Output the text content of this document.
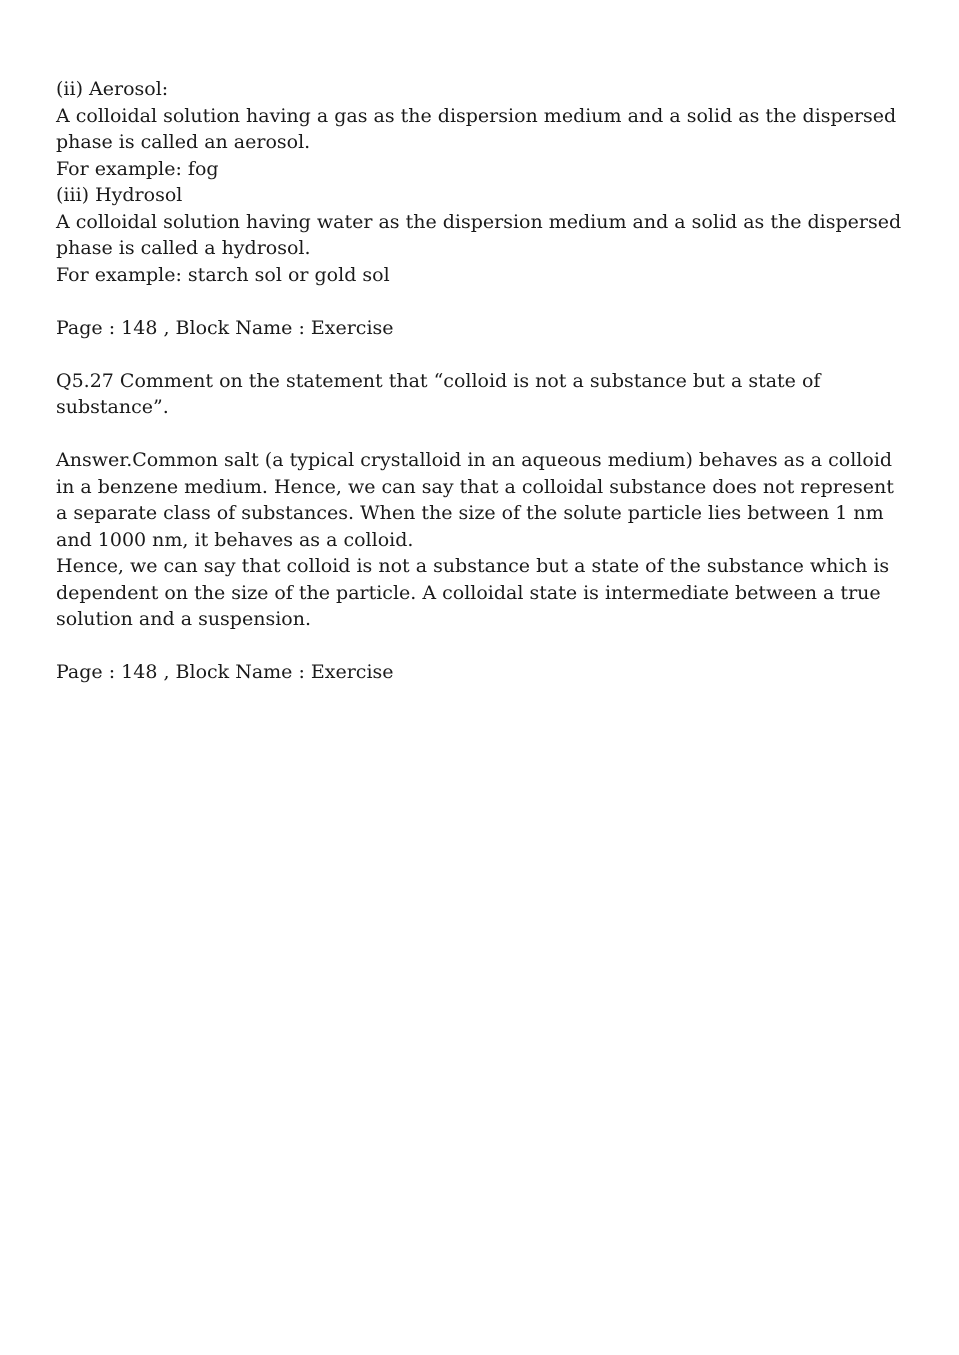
(ii) Aerosol:

A colloidal solution having a gas as the dispersion medium and a solid as the dispersed phase is called an aerosol.

For example: fog

(iii) Hydrosol

A colloidal solution having water as the dispersion medium and a solid as the dispersed phase is called a hydrosol.

For example: starch sol or gold sol

Page : 148 , Block Name : Exercise

Q5.27 Comment on the statement that “colloid is not a substance but a state of substance”.

Answer.Common salt (a typical crystalloid in an aqueous medium) behaves as a colloid in a benzene medium. Hence, we can say that a colloidal substance does not represent a separate class of substances. When the size of the solute particle lies between 1 nm and 1000 nm, it behaves as a colloid.

Hence, we can say that colloid is not a substance but a state of the substance which is dependent on the size of the particle. A colloidal state is intermediate between a true solution and a suspension.

Page : 148 , Block Name : Exercise
